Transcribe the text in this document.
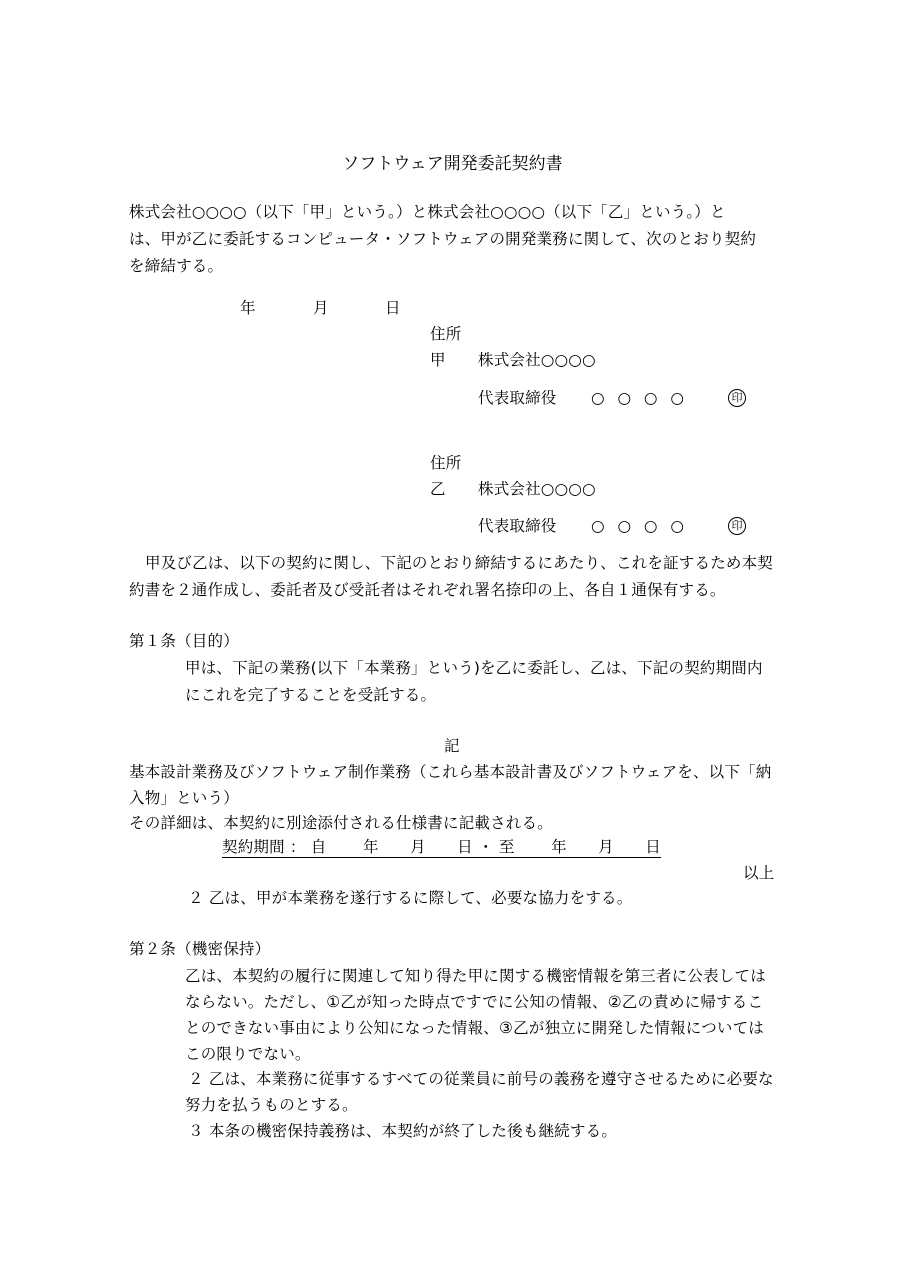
ソフトウェア開発委託契約書
株式会社○○○○（以下「甲」という。）と株式会社○○○○（以下「乙」という。）と
は、甲が乙に委託するコンピュータ・ソフトウェアの開発業務に関して、次のとおり契約
を締結する。
年	月	日
住所
甲 株式会社○○○○
代表取締役 ○ ○ ○ ○	印
住所
乙 株式会社○○○○
代表取締役 ○ ○ ○ ○	印
甲及び乙は、以下の契約に関し、下記のとおり締結するにあたり、これを証するため本契
約書を２通作成し、委託者及び受託者はそれぞれ署名捺印の上、各自１通保有する。
第１条（目的）
甲は、下記の業務(以下「本業務」という)を乙に委託し、乙は、下記の契約期間内
にこれを完了することを受託する。
記
基本設計業務及びソフトウェア制作業務（これら基本設計書及びソフトウェアを、以下「納
入物」という）
その詳細は、本契約に別途添付される仕様書に記載される。
契約期間 ： 自　　 年　　月　　日 ・ 至　　 年　　月　　日
以上
２ 乙は、甲が本業務を遂行するに際して、必要な協力をする。
第２条（機密保持）
乙は、本契約の履行に関連して知り得た甲に関する機密情報を第三者に公表しては
ならない。ただし、①乙が知った時点ですでに公知の情報、②乙の責めに帰するこ
とのできない事由により公知になった情報、③乙が独立に開発した情報については
この限りでない。
２ 乙は、本業務に従事するすべての従業員に前号の義務を遵守させるために必要な
努力を払うものとする。
３ 本条の機密保持義務は、本契約が終了した後も継続する。
